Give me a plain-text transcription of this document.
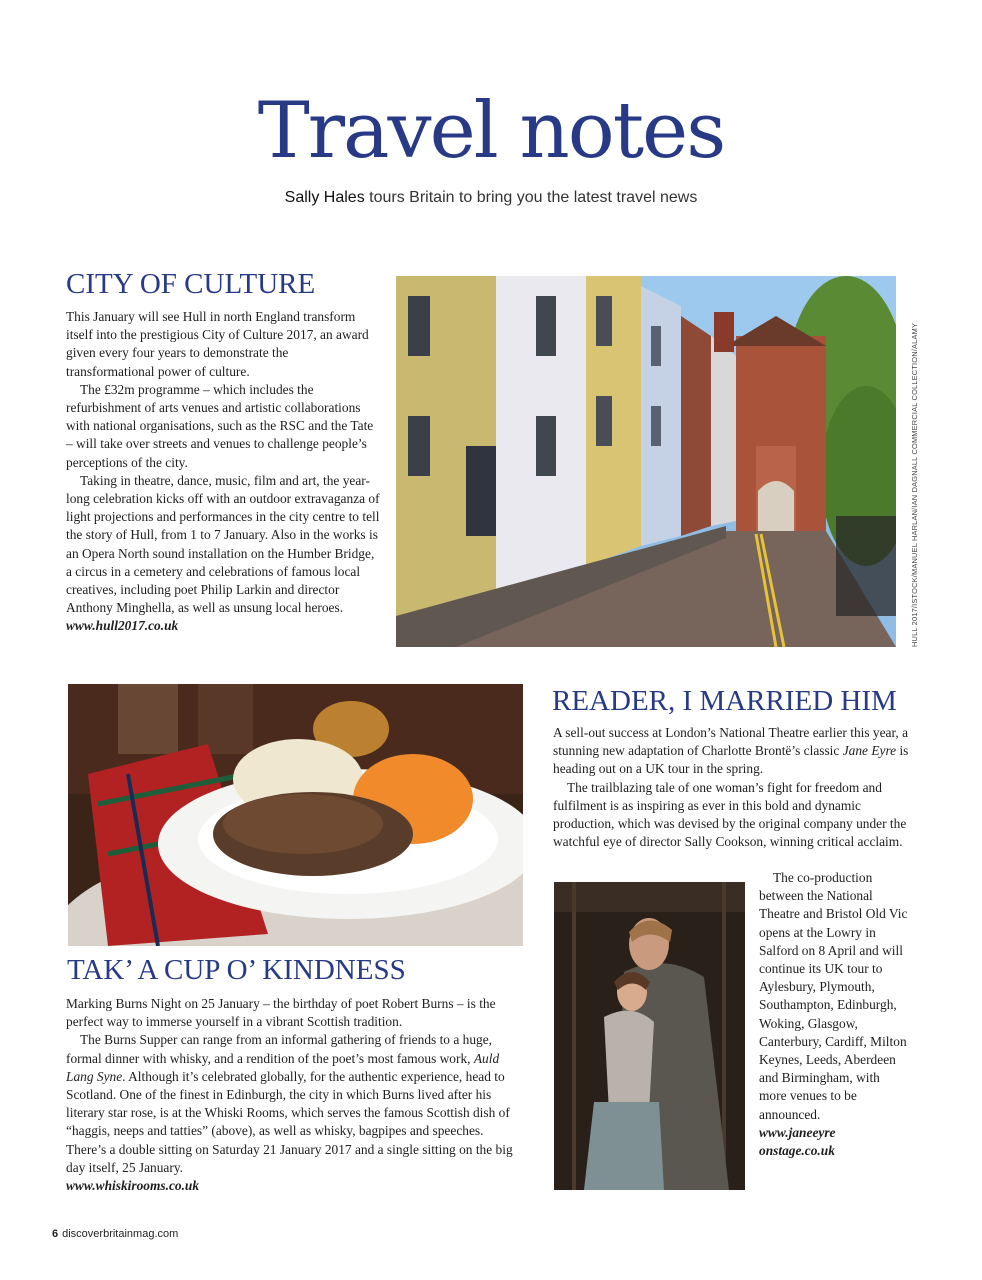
Travel notes
Sally Hales tours Britain to bring you the latest travel news
CITY OF CULTURE

This January will see Hull in north England transform itself into the prestigious City of Culture 2017, an award given every four years to demonstrate the transformational power of culture.

The £32m programme – which includes the refurbishment of arts venues and artistic collaborations with national organisations, such as the RSC and the Tate – will take over streets and venues to challenge people’s perceptions of the city.

Taking in theatre, dance, music, film and art, the year-long celebration kicks off with an outdoor extravaganza of light projections and performances in the city centre to tell the story of Hull, from 1 to 7 January. Also in the works is an Opera North sound installation on the Humber Bridge, a circus in a cemetery and celebrations of famous local creatives, including poet Philip Larkin and director Anthony Minghella, as well as unsung local heroes.

www.hull2017.co.uk	HULL 2017/ISTOCK/MANUEL HARLAN/IAN DAGNALL COMMERCIAL COLLECTION/ALAMY
READER, I MARRIED HIM

A sell-out success at London’s National Theatre earlier this year, a stunning new adaptation of Charlotte Brontë’s classic Jane Eyre is heading out on a UK tour in the spring.

The trailblazing tale of one woman’s fight for freedom and fulfilment is as inspiring as ever in this bold and dynamic production, which was devised by the original company under the watchful eye of director Sally Cookson, winning critical acclaim.

The co-production between the National Theatre and Bristol Old Vic opens at the Lowry in Salford on 8 April and will continue its UK tour to Aylesbury, Plymouth, Southampton, Edinburgh, Woking, Glasgow, Canterbury, Cardiff, Milton Keynes, Leeds, Aberdeen and Birmingham, with more venues to be announced.

www.janeeyre

onstage.co.uk

TAK’ A CUP O’ KINDNESS

Marking Burns Night on 25 January – the birthday of poet Robert Burns – is the perfect way to immerse yourself in a vibrant Scottish tradition.

The Burns Supper can range from an informal gathering of friends to a huge, formal dinner with whisky, and a rendition of the poet’s most famous work, Auld Lang Syne. Although it’s celebrated globally, for the authentic experience, head to Scotland. One of the finest in Edinburgh, the city in which Burns lived after his literary star rose, is at the Whiski Rooms, which serves the famous Scottish dish of “haggis, neeps and tatties” (above), as well as whisky, bagpipes and speeches. There’s a double sitting on Saturday 21 January 2017 and a single sitting on the big day itself, 25 January.

www.whiskirooms.co.uk

6 discoverbritainmag.com
